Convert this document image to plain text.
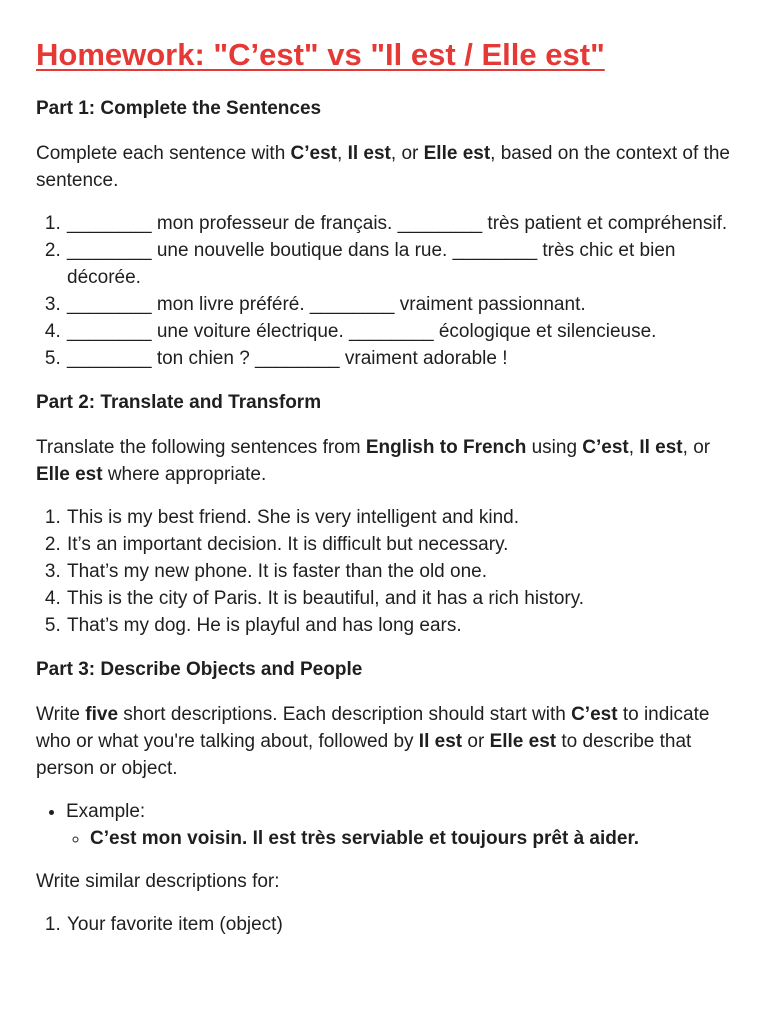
Homework: "C’est" vs "Il est / Elle est"
Part 1: Complete the Sentences

Complete each sentence with C’est, Il est, or Elle est, based on the context of the sentence.

1. ________ mon professeur de français. ________ très patient et compréhensif.
2. ________ une nouvelle boutique dans la rue. ________ très chic et bien décorée.
3. ________ mon livre préféré. ________ vraiment passionnant.
4. ________ une voiture électrique. ________ écologique et silencieuse.
5. ________ ton chien ? ________ vraiment adorable !
Part 2: Translate and Transform

Translate the following sentences from English to French using C’est, Il est, or Elle est where appropriate.

1. This is my best friend. She is very intelligent and kind.
2. It’s an important decision. It is difficult but necessary.
3. That’s my new phone. It is faster than the old one.
4. This is the city of Paris. It is beautiful, and it has a rich history.
5. That’s my dog. He is playful and has long ears.
Part 3: Describe Objects and People

Write five short descriptions. Each description should start with C’est to indicate who or what you're talking about, followed by Il est or Elle est to describe that person or object.

• Example:
◦ C’est mon voisin. Il est très serviable et toujours prêt à aider.

Write similar descriptions for:

1. Your favorite item (object)
